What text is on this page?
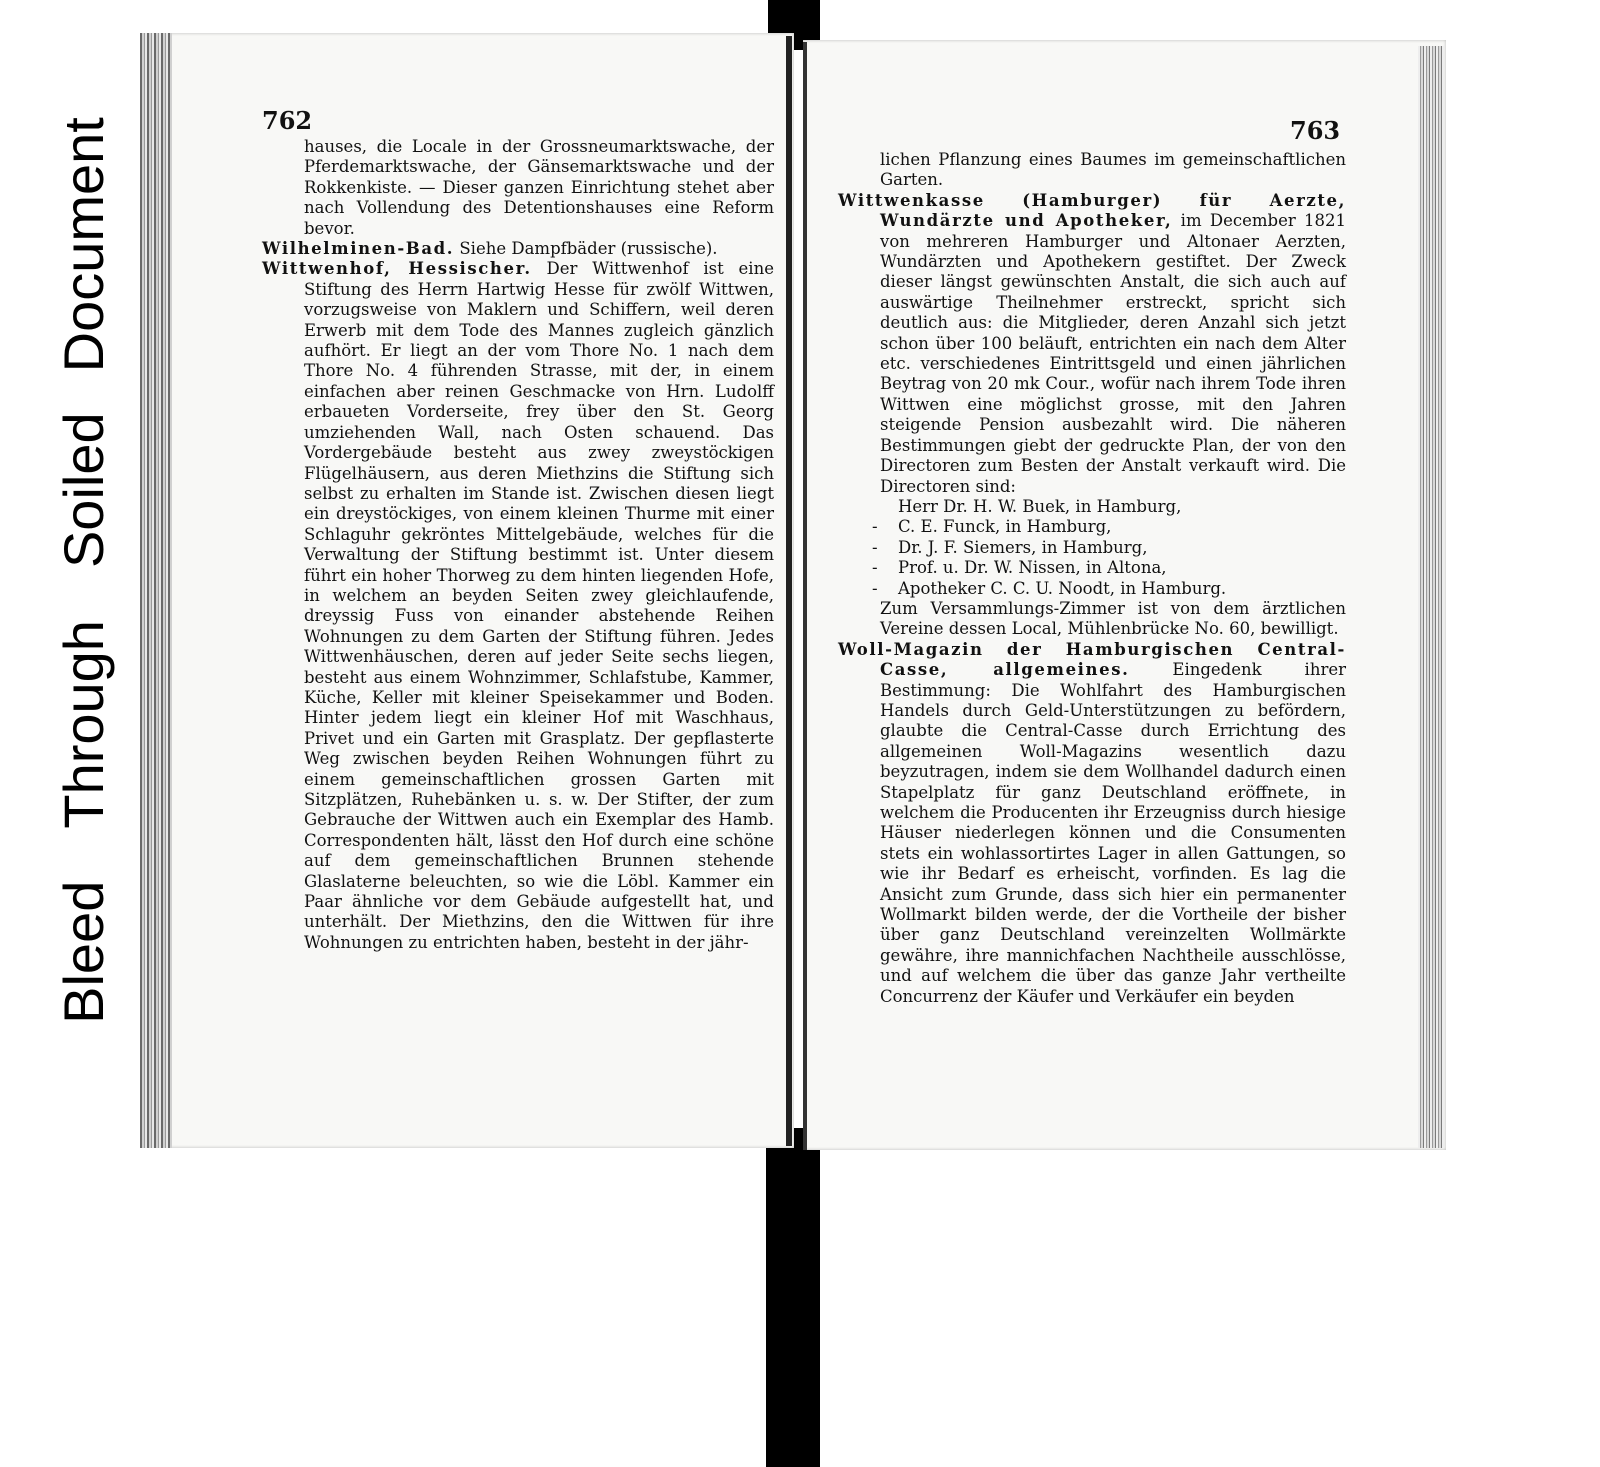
BleedThroughSoiledDocument	762	763

hauses, die Locale in der Grossneumarktswache, der Pferdemarktswache, der Gänsemarktswache und der Rokkenkiste. — Dieser ganzen Einrichtung stehet aber nach Vollendung des Detentionshauses eine Reform bevor.

Wilhelminen-Bad. Siehe Dampfbäder (russische).

Wittwenhof, Hessischer. Der Wittwenhof ist eine Stiftung des Herrn Hartwig Hesse für zwölf Wittwen, vorzugsweise von Maklern und Schiffern, weil deren Erwerb mit dem Tode des Mannes zugleich gänzlich aufhört. Er liegt an der vom Thore No. 1 nach dem Thore No. 4 führenden Strasse, mit der, in einem einfachen aber reinen Geschmacke von Hrn. Ludolff erbaueten Vorderseite, frey über den St. Georg umziehenden Wall, nach Osten schauend. Das Vordergebäude besteht aus zwey zweystöckigen Flügelhäusern, aus deren Miethzins die Stiftung sich selbst zu erhalten im Stande ist. Zwischen diesen liegt ein dreystöckiges, von einem kleinen Thurme mit einer Schlaguhr gekröntes Mittelgebäude, welches für die Verwaltung der Stiftung bestimmt ist. Unter diesem führt ein hoher Thorweg zu dem hinten liegenden Hofe, in welchem an beyden Seiten zwey gleichlaufende, dreyssig Fuss von einander abstehende Reihen Wohnungen zu dem Garten der Stiftung führen. Jedes Wittwenhäuschen, deren auf jeder Seite sechs liegen, besteht aus einem Wohnzimmer, Schlafstube, Kammer, Küche, Keller mit kleiner Speisekammer und Boden. Hinter jedem liegt ein kleiner Hof mit Waschhaus, Privet und ein Garten mit Grasplatz. Der gepflasterte Weg zwischen beyden Reihen Wohnungen führt zu einem gemeinschaftlichen grossen Garten mit Sitzplätzen, Ruhebänken u. s. w. Der Stifter, der zum Gebrauche der Wittwen auch ein Exemplar des Hamb. Correspondenten hält, lässt den Hof durch eine schöne auf dem gemeinschaftlichen Brunnen stehende Glaslaterne beleuchten, so wie die Löbl. Kammer ein Paar ähnliche vor dem Gebäude aufgestellt hat, und unterhält. Der Miethzins, den die Wittwen für ihre Wohnungen zu entrichten haben, besteht in der jähr-

lichen Pflanzung eines Baumes im gemeinschaftlichen Garten.

Wittwenkasse (Hamburger) für Aerzte, Wundärzte und Apotheker, im December 1821 von mehreren Hamburger und Altonaer Aerzten, Wundärzten und Apothekern gestiftet. Der Zweck dieser längst gewünschten Anstalt, die sich auch auf auswärtige Theilnehmer erstreckt, spricht sich deutlich aus: die Mitglieder, deren Anzahl sich jetzt schon über 100 beläuft, entrichten ein nach dem Alter etc. verschiedenes Eintrittsgeld und einen jährlichen Beytrag von 20 mk Cour., wofür nach ihrem Tode ihren Wittwen eine möglichst grosse, mit den Jahren steigende Pension ausbezahlt wird. Die näheren Bestimmungen giebt der gedruckte Plan, der von den Directoren zum Besten der Anstalt verkauft wird. Die Directoren sind:

Herr Dr. H. W. Buek, in Hamburg,
- C. E. Funck, in Hamburg,
- Dr. J. F. Siemers, in Hamburg,
- Prof. u. Dr. W. Nissen, in Altona,
- Apotheker C. C. U. Noodt, in Hamburg.

Zum Versammlungs-Zimmer ist von dem ärztlichen Vereine dessen Local, Mühlenbrücke No. 60, bewilligt.

Woll-Magazin der Hamburgischen Central-Casse, allgemeines.	Eingedenk ihrer Bestimmung: Die Wohlfahrt des Hamburgischen Handels durch Geld-Unterstützungen zu befördern, glaubte die Central-Casse durch Errichtung des allgemeinen Woll-Magazins wesentlich dazu beyzutragen, indem sie dem Wollhandel dadurch einen Stapelplatz für ganz Deutschland eröffnete, in welchem die Producenten ihr Erzeugniss durch hiesige Häuser niederlegen können und die Consumenten stets ein wohlassortirtes Lager in allen Gattungen, so wie ihr Bedarf es erheischt, vorfinden. Es lag die Ansicht zum Grunde, dass sich hier ein permanenter Wollmarkt bilden werde, der die Vortheile der bisher über ganz Deutschland vereinzelten Wollmärkte gewähre, ihre mannichfachen Nachtheile ausschlösse, und auf welchem die über das ganze Jahr vertheilte Concurrenz der Käufer und Verkäufer ein beyden
